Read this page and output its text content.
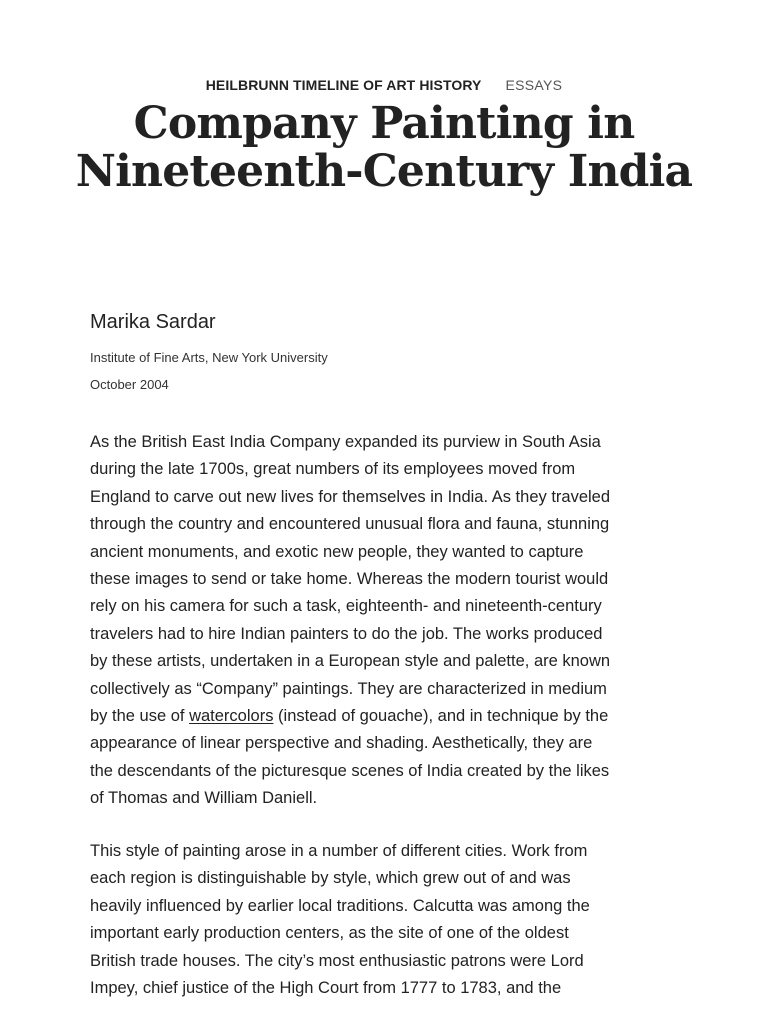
HEILBRUNN TIMELINE OF ART HISTORY ESSAYS
Company Painting in Nineteenth-Century India
Marika Sardar
Institute of Fine Arts, New York University
October 2004

As the British East India Company expanded its purview in South Asia
during the late 1700s, great numbers of its employees moved from
England to carve out new lives for themselves in India. As they traveled
through the country and encountered unusual flora and fauna, stunning
ancient monuments, and exotic new people, they wanted to capture
these images to send or take home. Whereas the modern tourist would
rely on his camera for such a task, eighteenth- and nineteenth-century
travelers had to hire Indian painters to do the job. The works produced
by these artists, undertaken in a European style and palette, are known
collectively as “Company” paintings. They are characterized in medium
by the use of watercolors (instead of gouache), and in technique by the
appearance of linear perspective and shading. Aesthetically, they are
the descendants of the picturesque scenes of India created by the likes
of Thomas and William Daniell.

This style of painting arose in a number of different cities. Work from
each region is distinguishable by style, which grew out of and was
heavily influenced by earlier local traditions. Calcutta was among the
important early production centers, as the site of one of the oldest
British trade houses. The city’s most enthusiastic patrons were Lord
Impey, chief justice of the High Court from 1777 to 1783, and the
